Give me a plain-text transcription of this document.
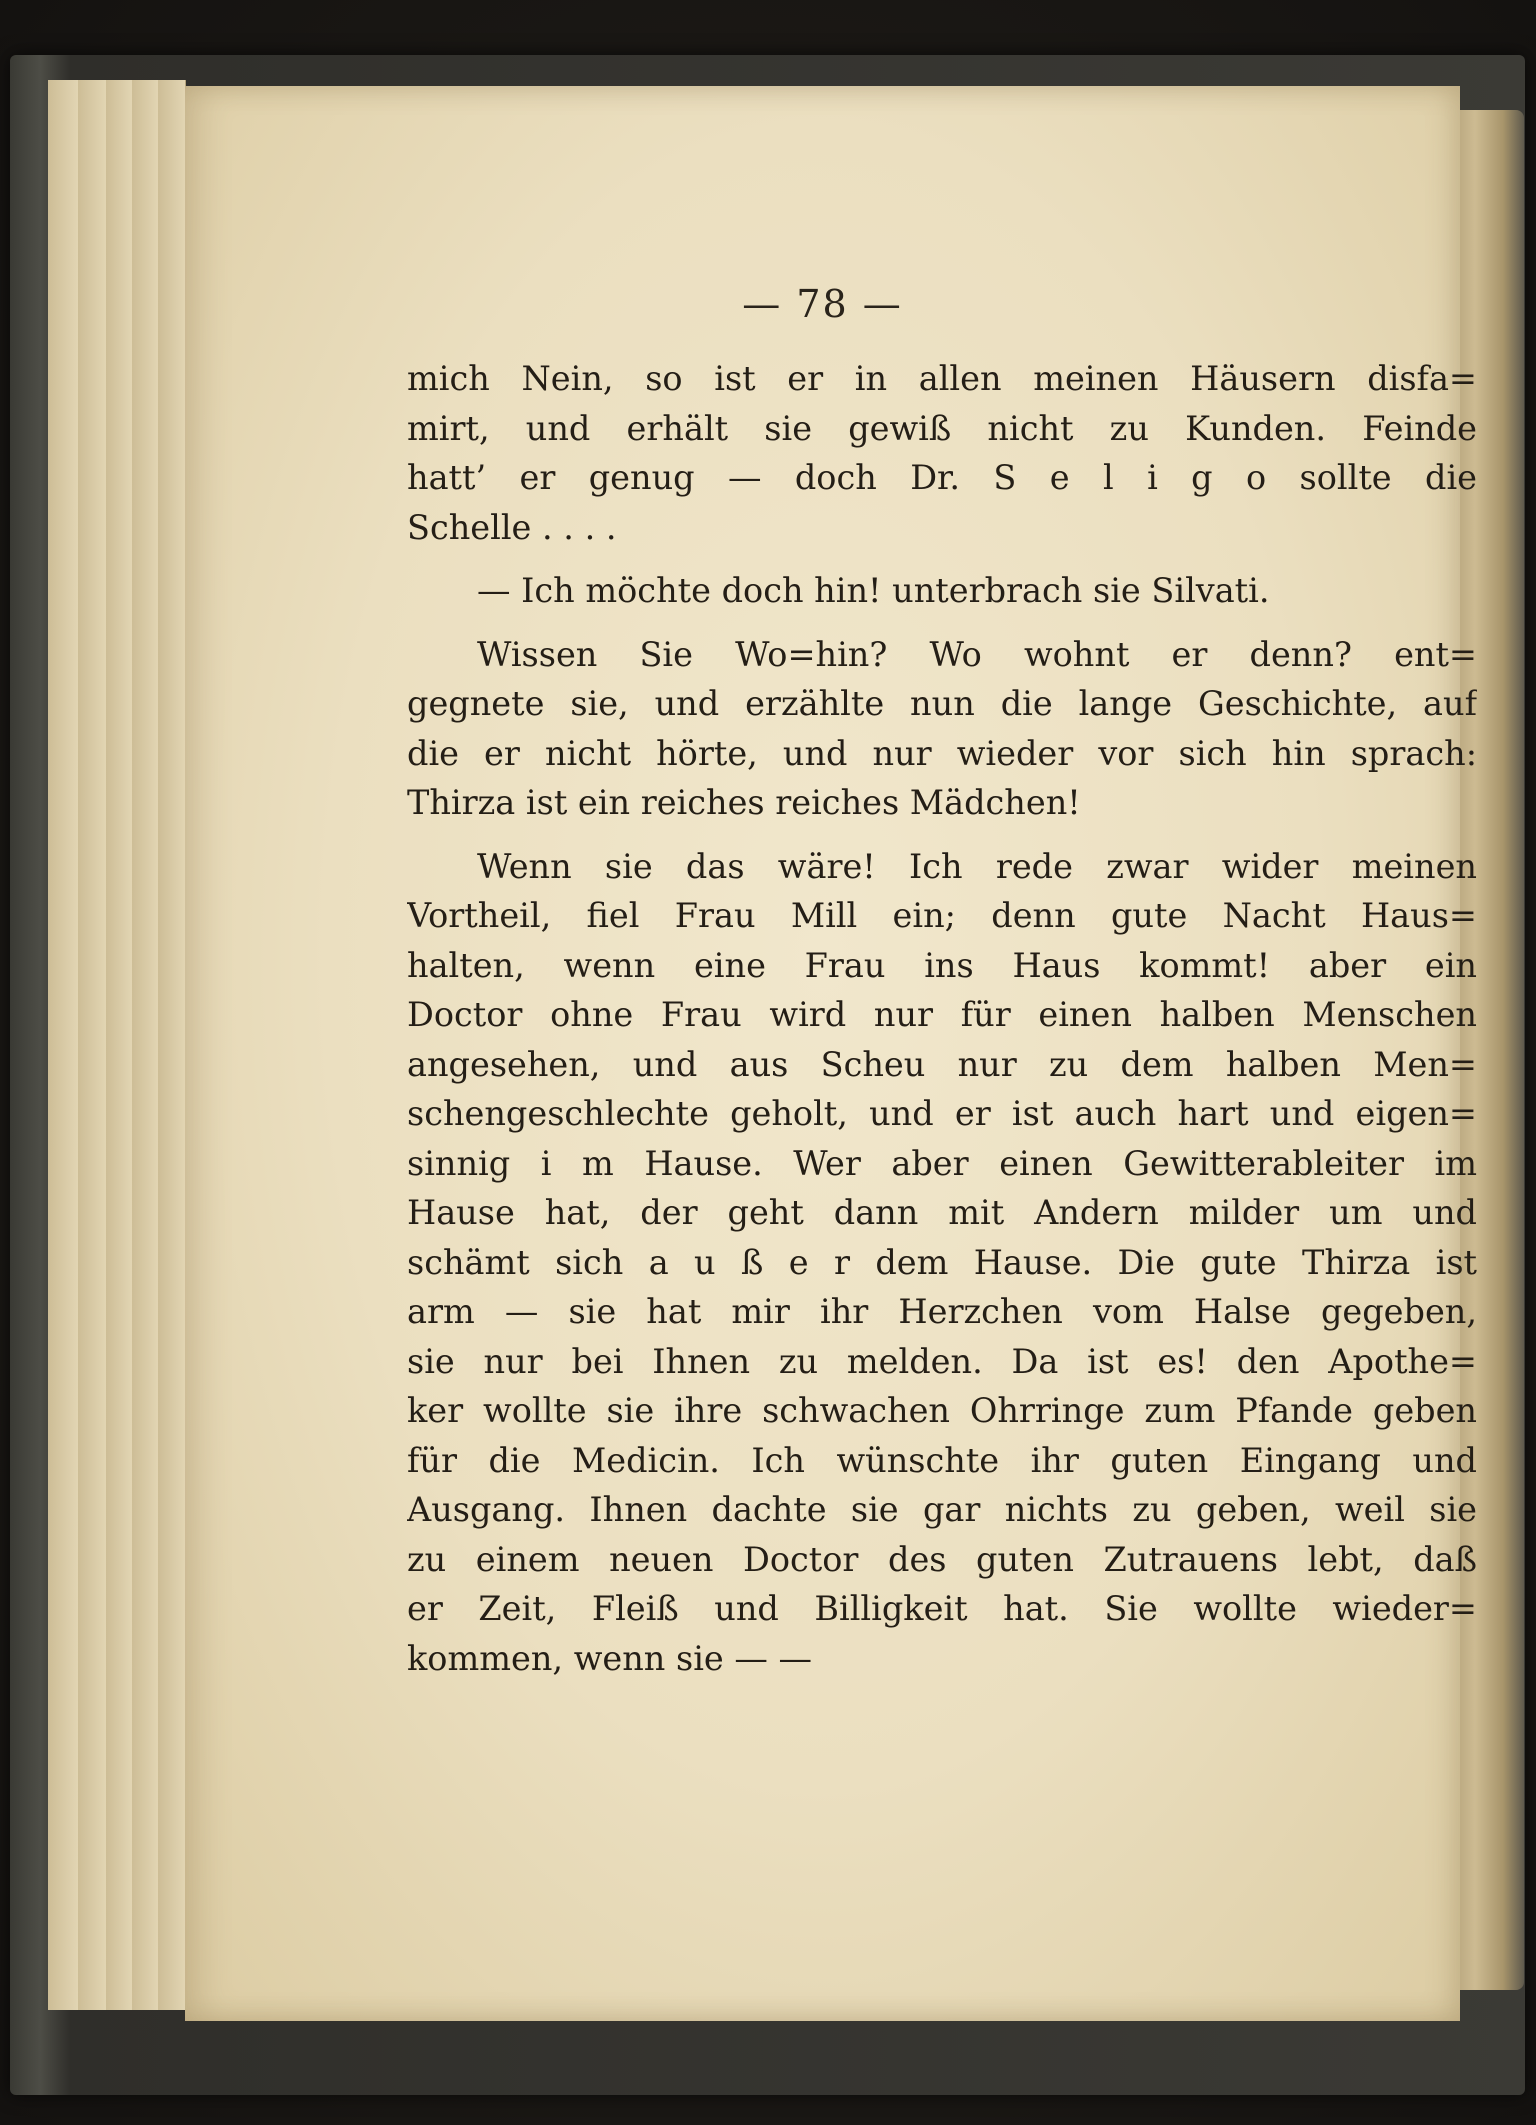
— 78 —
mich Nein, so ist er in allen meinen Häusern disfa=
mirt, und erhält sie gewiß nicht zu Kunden. Feinde
hatt’ er genug — doch Dr. S e l i g o sollte die
Schelle . . . .
— Ich möchte doch hin! unterbrach sie Silvati.
Wissen Sie Wo=hin? Wo wohnt er denn? ent=
gegnete sie, und erzählte nun die lange Geschichte, auf
die er nicht hörte, und nur wieder vor sich hin sprach:
Thirza ist ein reiches reiches Mädchen!
Wenn sie das wäre! Ich rede zwar wider meinen
Vortheil, fiel Frau Mill ein; denn gute Nacht Haus=
halten, wenn eine Frau ins Haus kommt! aber ein
Doctor ohne Frau wird nur für einen halben Menschen
angesehen, und aus Scheu nur zu dem halben Men=
schengeschlechte geholt, und er ist auch hart und eigen=
sinnig i m Hause. Wer aber einen Gewitterableiter im
Hause hat, der geht dann mit Andern milder um und
schämt sich a u ß e r dem Hause. Die gute Thirza ist
arm — sie hat mir ihr Herzchen vom Halse gegeben,
sie nur bei Ihnen zu melden. Da ist es! den Apothe=
ker wollte sie ihre schwachen Ohrringe zum Pfande geben
für die Medicin. Ich wünschte ihr guten Eingang und
Ausgang. Ihnen dachte sie gar nichts zu geben, weil sie
zu einem neuen Doctor des guten Zutrauens lebt, daß
er Zeit, Fleiß und Billigkeit hat. Sie wollte wieder=
kommen, wenn sie — —
